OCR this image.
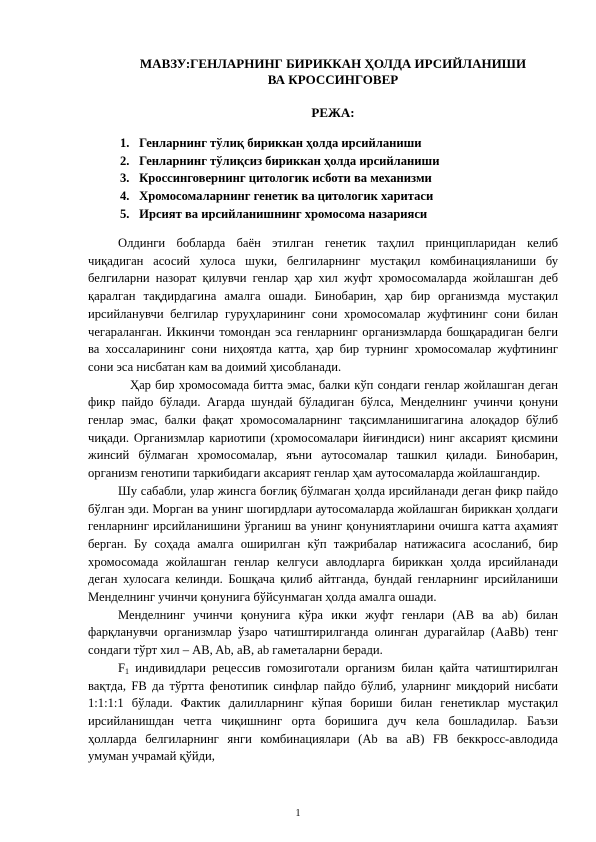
МАВЗУ:ГЕНЛАРНИНГ БИРИККАН ҲОЛДА ИРСИЙЛАНИШИ
ВА КРОССИНГОВЕР
РЕЖА:
1. Генларнинг тўлиқ бириккан ҳолда ирсийланиши
2. Генларнинг тўлиқсиз бириккан ҳолда ирсийланиши
3. Кроссинговернинг цитологик исботи ва механизми
4. Хромосомаларнинг генетик ва цитологик харитаси
5. Ирсият ва ирсийланишнинг хромосома назарияси

Олдинги бобларда баён этилган генетик таҳлил принципларидан келиб чиқадиган асосий хулоса шуки, белгиларнинг мустақил комбинацияланиши бу белгиларни назорат қилувчи генлар ҳар хил жуфт хромосомаларда жойлашган деб қаралган тақдирдагина амалга ошади. Бинобарин, ҳар бир организмда мустақил ирсийланувчи белгилар гуруҳларининг сони хромосомалар жуфтининг сони билан чегараланган. Иккинчи томондан эса генларнинг организмларда бошқарадиган белги ва хоссаларининг сони ниҳоятда катта, ҳар бир турнинг хромосомалар жуфтининг сони эса нисбатан кам ва доимий ҳисобланади.

Ҳар бир хромосомада битта эмас, балки кўп сондаги генлар жойлашган деган фикр пайдо бўлади. Агарда шундай бўладиган бўлса, Менделнинг учинчи қонуни генлар эмас, балки фақат хромосомаларнинг тақсимланишигагина алоқадор бўлиб чиқади. Организмлар кариотипи (хромосомалари йиғиндиси) нинг аксарият қисмини жинсий бўлмаган хромосомалар, яъни аутосомалар ташкил қилади. Бинобарин, организм генотипи таркибидаги аксарият генлар ҳам аутосомаларда жойлашгандир.

Шу сабабли, улар жинсга боғлиқ бўлмаган ҳолда ирсийланади деган фикр пайдо бўлган эди. Морган ва унинг шогирдлари аутосомаларда жойлашган бириккан ҳолдаги генларнинг ирсийланишини ўрганиш ва унинг қонуниятларини очишга катта аҳамият берган. Бу соҳада амалга оширилган кўп тажрибалар натижасига асосланиб, бир хромосомада жойлашган генлар келгуси авлодларга бириккан ҳолда ирсийланади деган хулосага келинди. Бошқача қилиб айтганда, бундай генларнинг ирсийланиши Менделнинг учинчи қонунига бўйсунмаган ҳолда амалга ошади.

Менделнинг учинчи қонунига кўра икки жуфт генлари (AB ва ab) билан фарқланувчи организмлар ўзаро чатиштирилганда олинган дурагайлар (AaBb) тенг сондаги тўрт хил – AB, Ab, aB, ab гаметаларни беради.

$F_1$ индивидлари рецессив гомозиготали организм билан қайта чатиштирилган вақтда, FB да тўртта фенотипик синфлар пайдо бўлиб, уларнинг миқдорий нисбати 1:1:1:1 бўлади. Фактик далилларнинг кўпая бориши билан генетиклар мустақил ирсийланишдан четга чиқишнинг орта боришига дуч кела бошладилар. Баъзи ҳолларда белгиларнинг янги комбинациялари (Ab ва aB) FB беккросс-авлодида умуман учрамай қўйди,

1
